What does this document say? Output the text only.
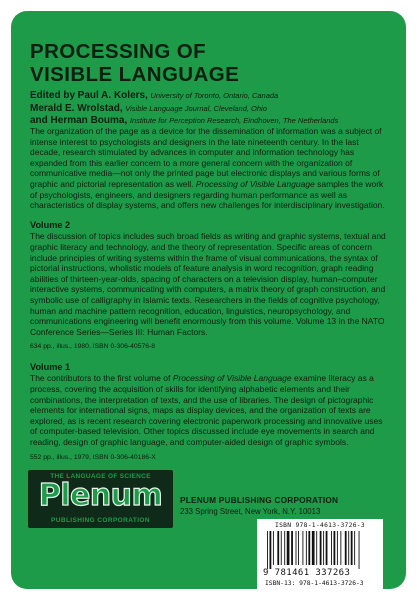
PROCESSING OF
VISIBLE LANGUAGE
Edited by Paul A. Kolers, University of Toronto, Ontario, Canada
Merald E. Wrolstad, Visible Language Journal, Cleveland, Ohio
and Herman Bouma, Institute for Perception Research, Eindhoven, The Netherlands

The organization of the page as a device for the dissemination of information was a subject of intense interest to psychologists and designers in the late nineteenth century. In the last decade, research stimulated by advances in computer and information technology has expanded from this earlier concern to a more general concern with the organization of communicative media—not only the printed page but electronic displays and various forms of graphic and pictorial representation as well. Processing of Visible Language samples the work of psychologists, engineers, and designers regarding human performance as well as characteristics of display systems, and offers new challenges for interdisciplinary investigation.

Volume 2

The discussion of topics includes such broad fields as writing and graphic systems, textual and graphic literacy and technology, and the theory of representation. Specific areas of concern include principles of writing systems within the frame of visual communications, the syntax of pictorial instructions, wholistic models of feature analysis in word recognition, graph reading abilities of thirteen-year-olds, spacing of characters on a television display, human–computer interactive systems, communicating with computers, a matrix theory of graph construction, and symbolic use of calligraphy in Islamic texts. Researchers in the fields of cognitive psychology, human and machine pattern recognition, education, linguistics, neuropsychology, and communications engineering will benefit enormously from this volume. Volume 13 in the NATO Conference Series—Series III: Human Factors.

634 pp., illus., 1980, ISBN 0-306-40576-8
Volume 1

The contributors to the first volume of Processing of Visible Language examine literacy as a process, covering the acquisition of skills for identifying alphabetic elements and their combinations, the interpretation of texts, and the use of libraries. The design of pictographic elements for international signs, maps as display devices, and the organization of texts are explored, as is recent research covering electronic paperwork processing and innovative uses of computer-based television. Other topics discussed include eye movements in search and reading, design of graphic language, and computer-aided design of graphic symbols.

552 pp., illus., 1979, ISBN 0-306-40186-X
THE LANGUAGE OF SCIENCE
Plenum
PUBLISHING CORPORATION
PLENUM PUBLISHING CORPORATION
233 Spring Street, New York, N.Y. 10013
ISBN 978-1-4613-3726-3
9 781461 337263
ISBN-13: 978-1-4613-3726-3
